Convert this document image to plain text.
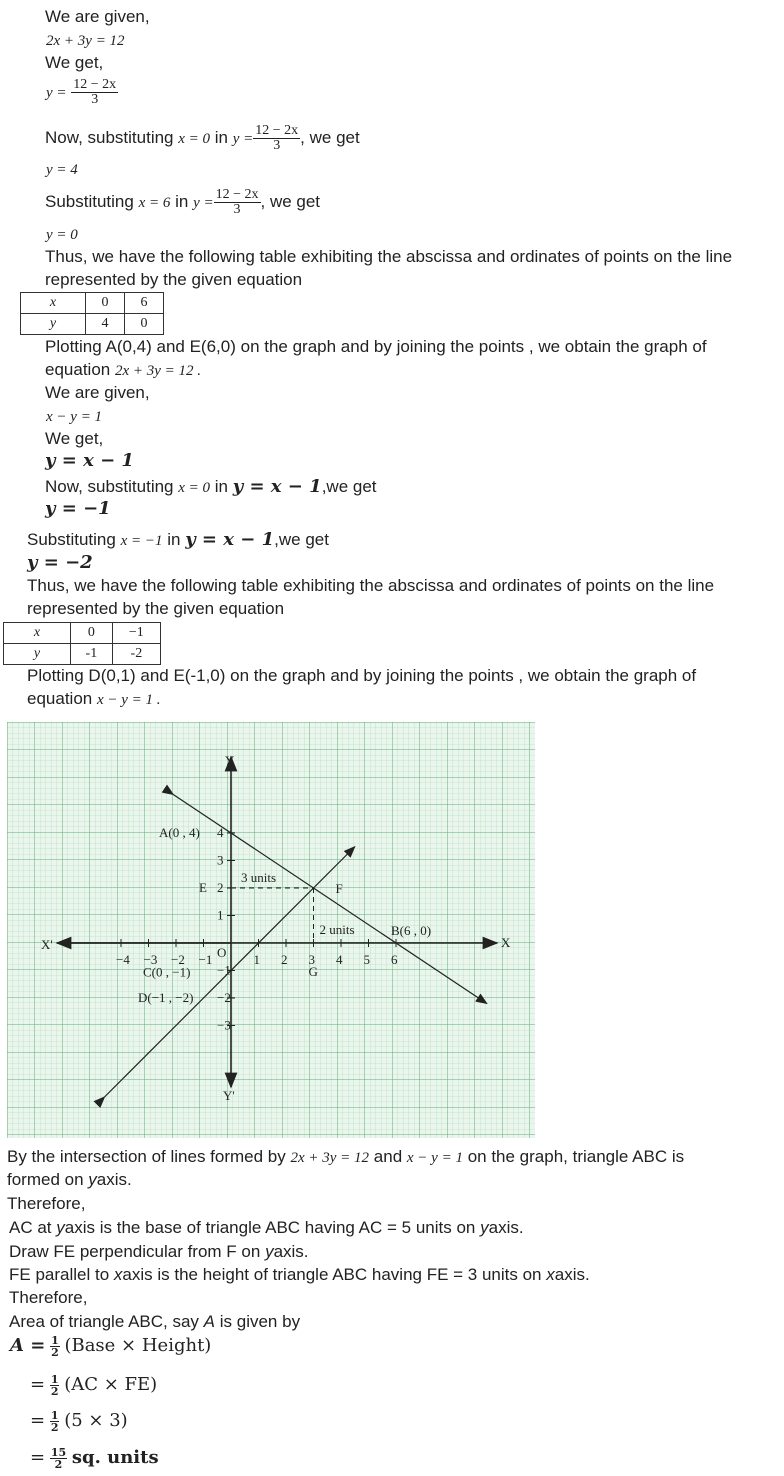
We are given,
2x + 3y = 12
We get,
$y = \frac{12 - 2x}{3}$
Now, substituting x = 0 in $y = \frac{12 - 2x}{3}$ , we get
y = 4
Substituting x = 6 in $y = \frac{12 - 2x}{3}$ , we get
y = 0
Thus, we have the following table exhibiting the abscissa and ordinates of points on the line
represented by the given equation
x	0	6
y	4	0
Plotting A(0,4) and E(6,0) on the graph and by joining the points , we obtain the graph of
equation 2x + 3y = 12 .
We are given,
x − y = 1
We get,
y = x − 1
Now, substituting x = 0 in y = x − 1,we get
y = −1
Substituting x = −1 in y = x − 1,we get
y = −2
Thus, we have the following table exhibiting the abscissa and ordinates of points on the line
represented by the given equation
x	0	−1
y	-1	-2
Plotting D(0,1) and E(-1,0) on the graph and by joining the points , we obtain the graph of
equation x − y = 1 .
X
X'
Y
Y'
O
−4 −3 −2 −1	1 2 3 4 5 6
4
3
2
1
−1
−2
−3
A(0 , 4)
B(6 , 0)
C(0 , −1)
D(−1 , −2)
E	F
G
3 units
2 units
By the intersection of lines formed by 2x + 3y = 12 and x − y = 1 on the graph, triangle ABC is
formed on yaxis.
Therefore,
AC at yaxis is the base of triangle ABC having AC = 5 units on yaxis.
Draw FE perpendicular from F on yaxis.
FE parallel to xaxis is the height of triangle ABC having FE = 3 units on xaxis.
Therefore,
Area of triangle ABC, say A is given by
$A = \frac{1}{2}$ (Base × Height)
= $\frac{1}{2} (AC \times FE)$
= $\frac{1}{2} (5 \times 3)$
= $\frac{15}{2}$ sq. units
